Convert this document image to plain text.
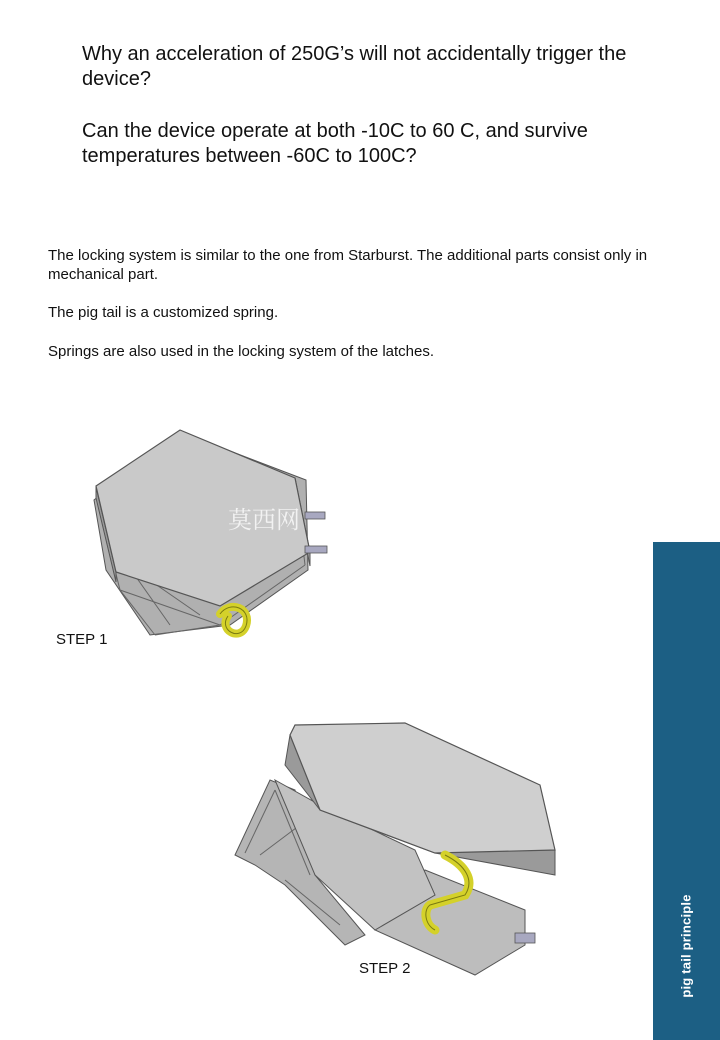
Why an acceleration of 250G’s will not accidentally trigger the device?
Can the device operate at both -10C to 60 C, and survive temperatures between -60C to 100C?
The locking system is similar to the one from Starburst. The additional parts consist only in mechanical part.
The pig tail is a customized spring.
Springs are also used in the locking system of the latches.
莫西网
STEP 1
STEP 2	pig tail principle
